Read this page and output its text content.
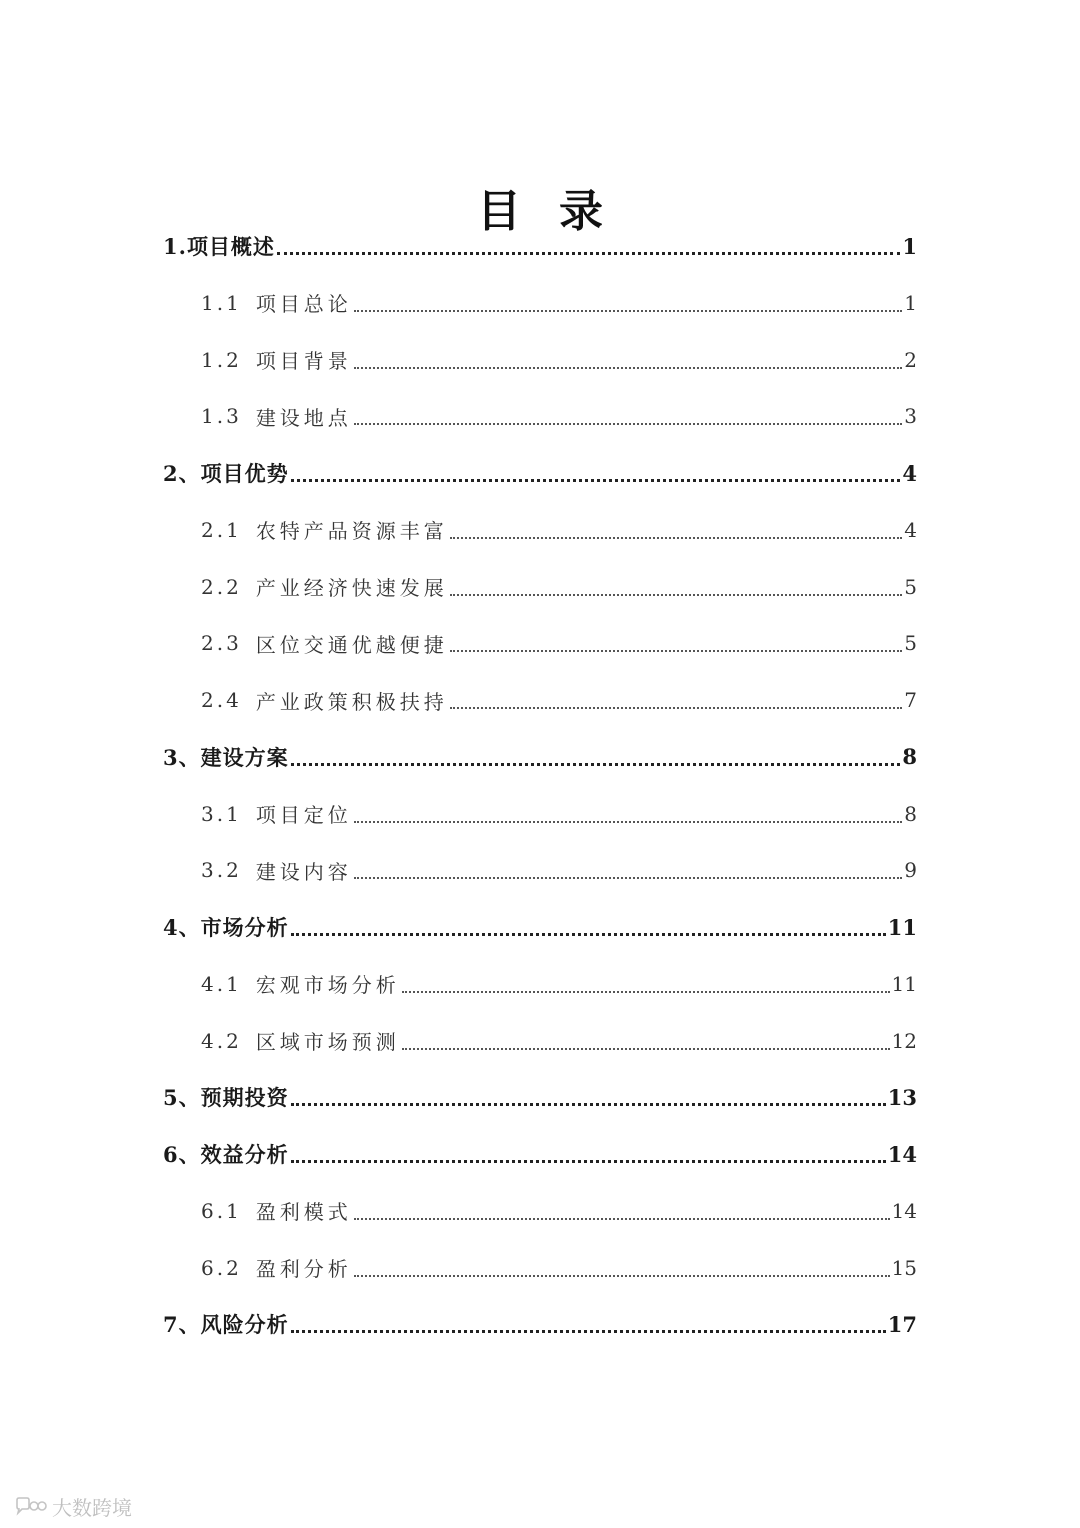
目录
1. 项目概述	1
1.1 项目总论	1
1.2 项目背景	2
1.3 建设地点	3
2、 项目优势	4
2.1 农特产品资源丰富	4
2.2 产业经济快速发展	5
2.3 区位交通优越便捷	5
2.4 产业政策积极扶持	7
3、 建设方案	8
3.1 项目定位	8
3.2 建设内容	9
4、 市场分析	11
4.1 宏观市场分析	11
4.2 区域市场预测	12
5、 预期投资	13
6、 效益分析	14
6.1 盈利模式	14
6.2 盈利分析	15
7、 风险分析	17
大数跨境
